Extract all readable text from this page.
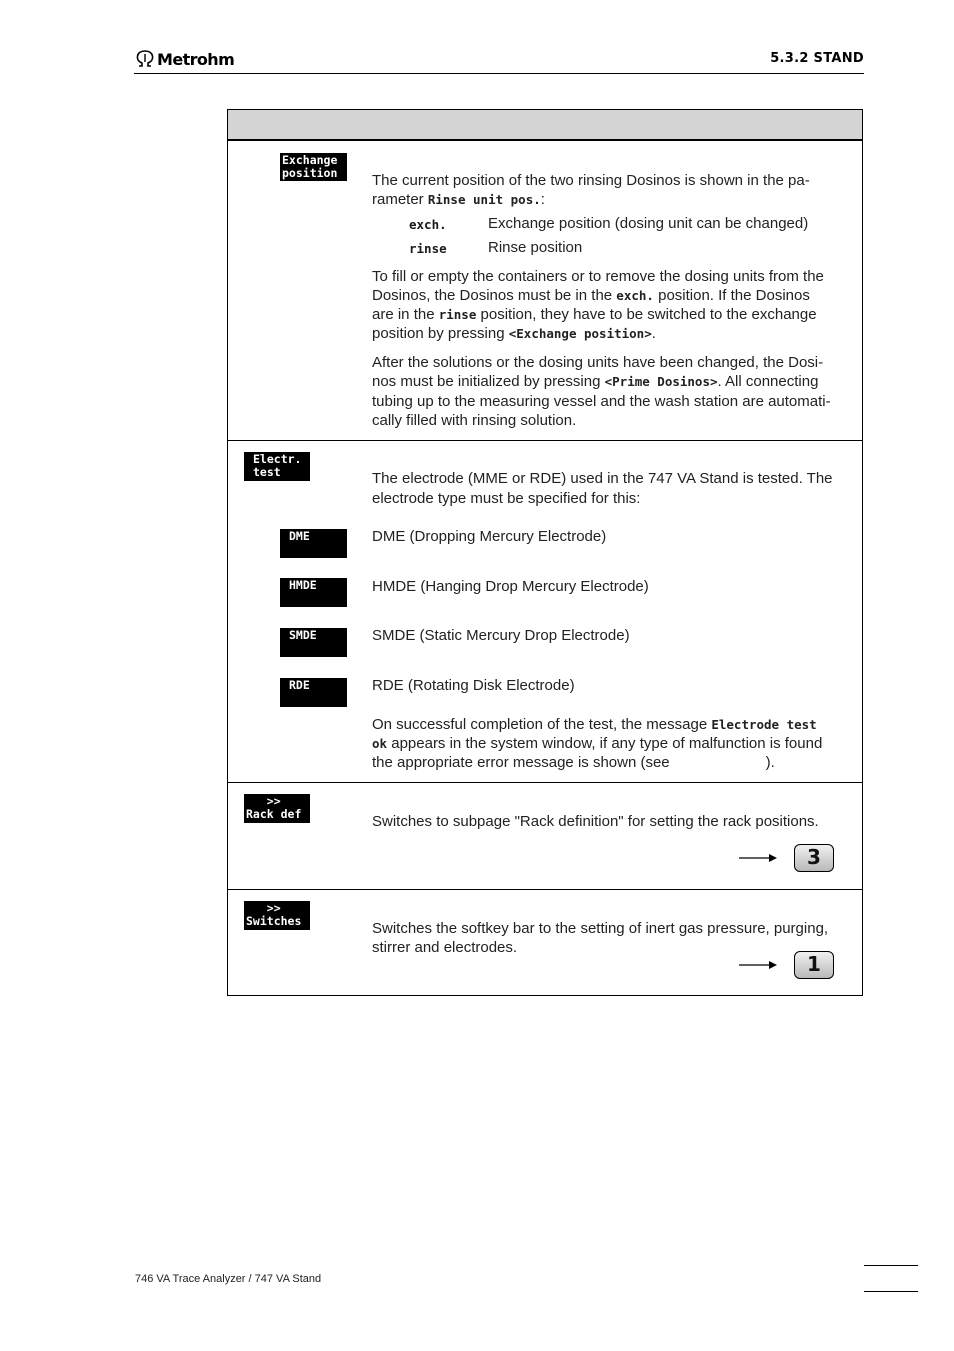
Metrohm	5.3.2 STAND
Exchange
position	The current position of the two rinsing Dosinos is shown in the pa-
rameter Rinse unit pos.:
exch.	Exchange position (dosing unit can be changed)
rinse	Rinse position
To fill or empty the containers or to remove the dosing units from the
Dosinos, the Dosinos must be in the exch. position. If the Dosinos
are in the rinse position, they have to be switched to the exchange
position by pressing <Exchange position>.
After the solutions or the dosing units have been changed, the Dosi-
nos must be initialized by pressing <Prime Dosinos>. All connecting
tubing up to the measuring vessel and the wash station are automati-
cally filled with rinsing solution.
Electr.
test	The electrode (MME or RDE) used in the 747 VA Stand is tested. The
electrode type must be specified for this:
DME	DME (Dropping Mercury Electrode)
HMDE	HMDE (Hanging Drop Mercury Electrode)
SMDE	SMDE (Static Mercury Drop Electrode)
RDE	RDE (Rotating Disk Electrode)
On successful completion of the test, the message Electrode test
ok appears in the system window, if any type of malfunction is found
the appropriate error message is shown (see	).
>>
Rack def	Switches to subpage "Rack definition" for setting the rack positions.
3
>>
Switches	Switches the softkey bar to the setting of inert gas pressure, purging,
stirrer and electrodes.
1
746 VA Trace Analyzer / 747 VA Stand
